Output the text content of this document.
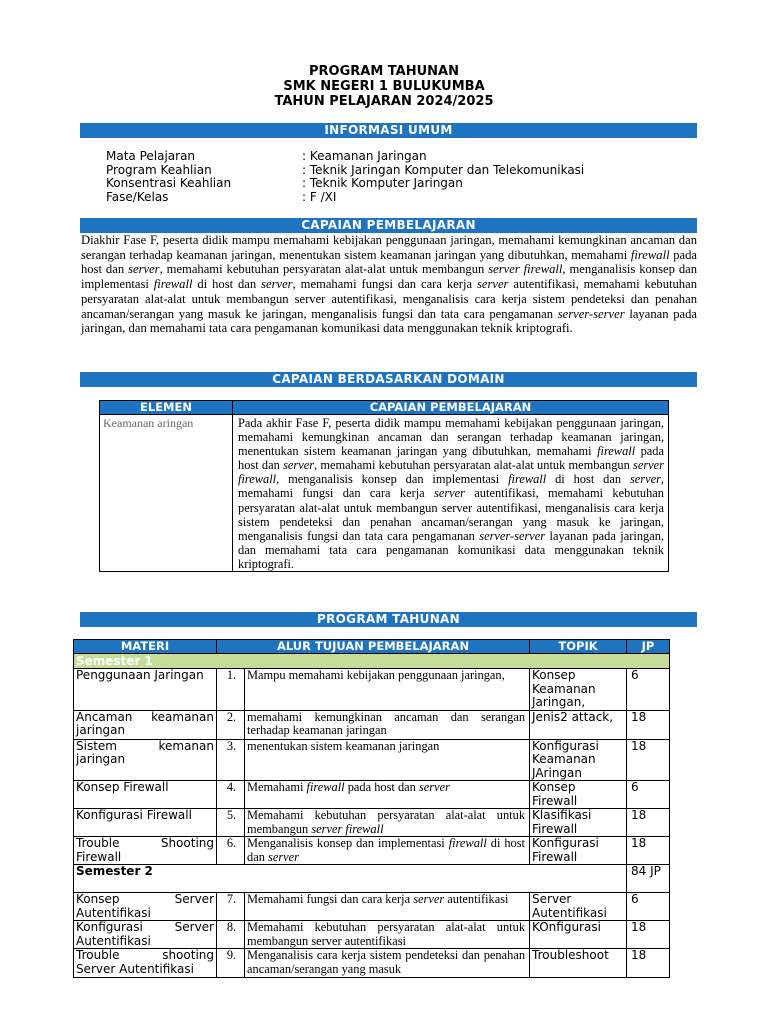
PROGRAM TAHUNAN
SMK NEGERI 1 BULUKUMBA
TAHUN PELAJARAN 2024/2025
INFORMASI UMUM
Mata Pelajaran	: Keamanan Jaringan
Program Keahlian	: Teknik Jaringan Komputer dan Telekomunikasi
Konsentrasi Keahlian	: Teknik Komputer Jaringan
Fase/Kelas	: F /XI
CAPAIAN PEMBELAJARAN
Diakhir Fase F, peserta didik mampu memahami kebijakan penggunaan jaringan, memahami kemungkinan ancaman dan serangan terhadap keamanan jaringan, menentukan sistem keamanan jaringan yang dibutuhkan, memahami firewall pada host dan server, memahami kebutuhan persyaratan alat-alat untuk membangun server firewall, menganalisis konsep dan implementasi firewall di host dan server, memahami fungsi dan cara kerja server autentifikasi, memahami kebutuhan persyaratan alat-alat untuk membangun server autentifikasi, menganalisis cara kerja sistem pendeteksi dan penahan ancaman/serangan yang masuk ke jaringan, menganalisis fungsi dan tata cara pengamanan server-server layanan pada jaringan, dan memahami tata cara pengamanan komunikasi data menggunakan teknik kriptografi.
CAPAIAN BERDASARKAN DOMAIN
ELEMEN	CAPAIAN PEMBELAJARAN
Keamanan aringan	Pada akhir Fase F, peserta didik mampu memahami kebijakan penggunaan jaringan, memahami kemungkinan ancaman dan serangan terhadap keamanan jaringan, menentukan sistem keamanan jaringan yang dibutuhkan, memahami firewall pada host dan server, memahami kebutuhan persyaratan alat-alat untuk membangun server firewall, menganalisis konsep dan implementasi firewall di host dan server, memahami fungsi dan cara kerja server autentifikasi, memahami kebutuhan persyaratan alat-alat untuk membangun server autentifikasi, menganalisis cara kerja sistem pendeteksi dan penahan ancaman/serangan yang masuk ke jaringan, menganalisis fungsi dan tata cara pengamanan server-server layanan pada jaringan, dan memahami tata cara pengamanan komunikasi data menggunakan teknik kriptografi.
PROGRAM TAHUNAN
MATERI	ALUR TUJUAN PEMBELAJARAN		TOPIK	JP
Semester 1				
Penggunaan Jaringan	1.	Mampu memahami kebijakan penggunaan jaringan,	Konsep Keamanan Jaringan,	6
Ancaman keamanan jaringan	2.	memahami kemungkinan ancaman dan serangan terhadap keamanan jaringan	Jenis2 attack,	18
Sistem kemanan jaringan	3.	menentukan sistem keamanan jaringan	Konfigurasi Keamanan JAringan	18
Konsep Firewall	4.	Memahami firewall pada host dan server	Konsep Firewall	6
Konfigurasi Firewall	5.	Memahami kebutuhan persyaratan alat-alat untuk membangun server firewall	Klasifikasi Firewall	18
Trouble Shooting Firewall	6.	Menganalisis konsep dan implementasi firewall di host dan server	Konfigurasi Firewall	18
Semester 2				84 JP
Konsep Server Autentifikasi	7.	Memahami fungsi dan cara kerja server autentifikasi	Server Autentifikasi	6
Konfigurasi Server Autentifikasi	8.	Memahami kebutuhan persyaratan alat-alat untuk membangun server autentifikasi	KOnfigurasi	18
Trouble shooting Server Autentifikasi	9.	Menganalisis cara kerja sistem pendeteksi dan penahan ancaman/serangan yang masuk	Troubleshoot	18
